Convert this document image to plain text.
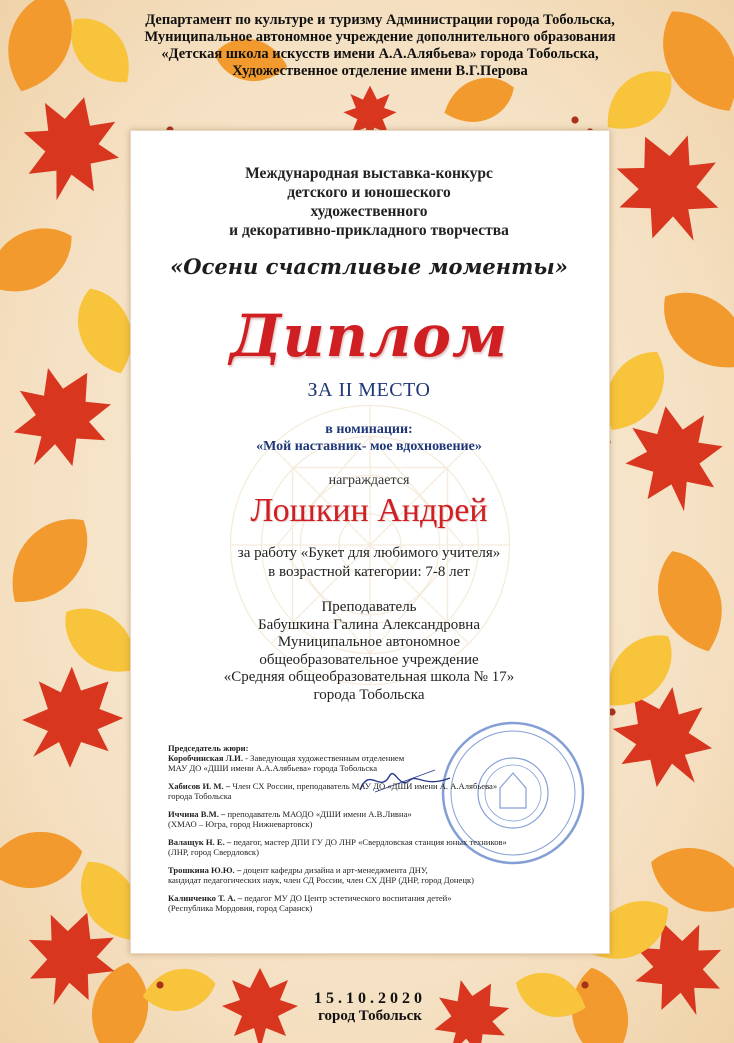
Департамент по культуре и туризму Администрации города Тобольска,
Муниципальное автономное учреждение дополнительного образования
«Детская школа искусств имени А.А.Алябьева» города Тобольска,
Художественное отделение имени В.Г.Перова
Международная выставка-конкурс
детского и юношеского
художественного
и декоративно-прикладного творчества
«Осени счастливые моменты»
Диплом
ЗА II МЕСТО
в номинации:
«Мой наставник- мое вдохновение»
награждается
Лошкин Андрей
за работу «Букет для любимого учителя»
в возрастной категории: 7-8 лет
Преподаватель
Бабушкина Галина Александровна
Муниципальное автономное
общеобразовательное учреждение
«Средняя общеобразовательная школа № 17»
города Тобольска
Председатель жюри:
Коробчинская Л.И. - Заведующая художественным отделением
МАУ ДО «ДШИ имени А.А.Алябьева» города Тобольска
Хабисов И. М. – Член СХ России, преподаватель МАУ ДО «ДШИ имени А. А.Алябьева»
города Тобольска
Иччина В.М. – преподаватель МАОДО «ДШИ имени А.В.Ливна»
(ХМАО – Югра, город Нижневартовск)
Валащук Н. Е. – педагог, мастер ДПИ ГУ ДО ЛНР «Свердловская станция юных техников»
(ЛНР, город Свердловск)
Трошкина Ю.Ю. – доцент кафедры дизайна и арт-менеджмента ДНУ,
кандидат педагогических наук, член СД России, член СХ ДНР (ДНР, город Донецк)
Калинченко Т. А. – педагог МУ ДО Центр эстетического воспитания детей»
(Республика Мордовия, город Саранск)
15.10.2020
город Тобольск
